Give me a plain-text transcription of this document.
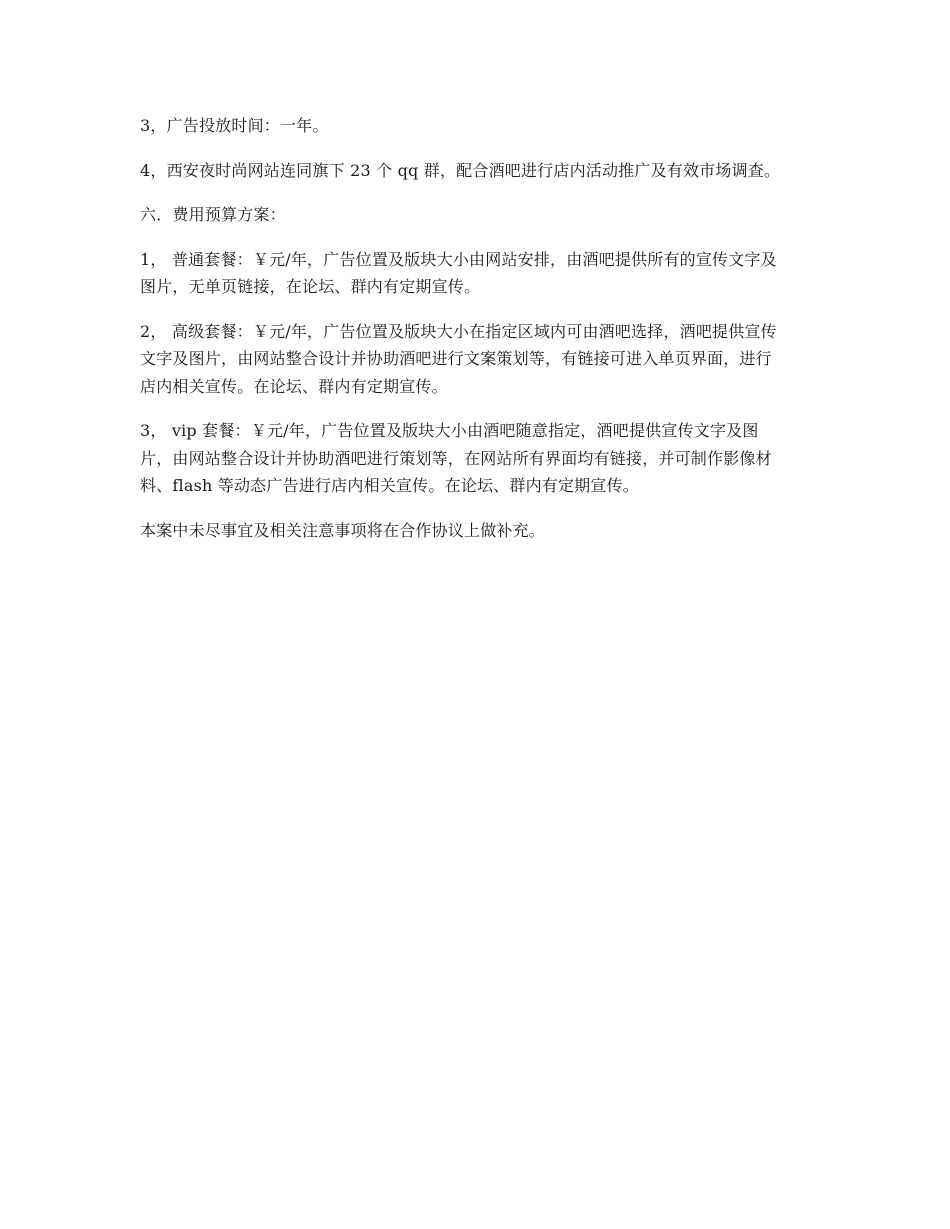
3，广告投放时间：一年。

4，西安夜时尚网站连同旗下 23 个 qq 群，配合酒吧进行店内活动推广及有效市场调查。

六．费用预算方案：

1， 普通套餐：￥元/年，广告位置及版块大小由网站安排，由酒吧提供所有的宣传文字及
图片，无单页链接，在论坛、群内有定期宣传。

2， 高级套餐：￥元/年，广告位置及版块大小在指定区域内可由酒吧选择，酒吧提供宣传
文字及图片，由网站整合设计并协助酒吧进行文案策划等，有链接可进入单页界面，进行
店内相关宣传。在论坛、群内有定期宣传。

3， vip 套餐：￥元/年，广告位置及版块大小由酒吧随意指定，酒吧提供宣传文字及图
片，由网站整合设计并协助酒吧进行策划等，在网站所有界面均有链接，并可制作影像材
料、flash 等动态广告进行店内相关宣传。在论坛、群内有定期宣传。

本案中未尽事宜及相关注意事项将在合作协议上做补充。
